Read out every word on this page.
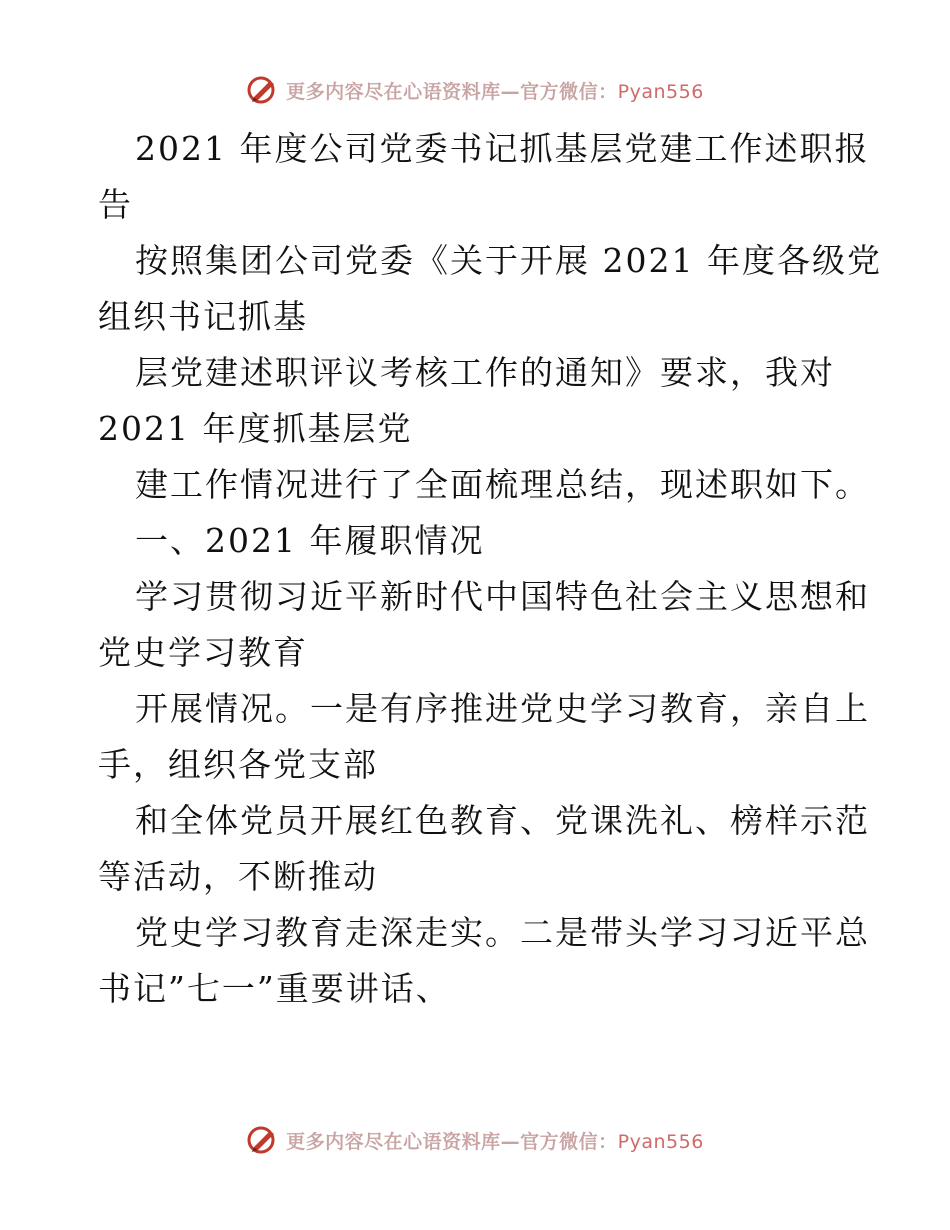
更多内容尽在心语资料库—官方微信：Pyan556
2021 年度公司党委书记抓基层党建工作述职报
告
按照集团公司党委《关于开展 2021 年度各级党
组织书记抓基
层党建述职评议考核工作的通知》要求，我对
2021 年度抓基层党
建工作情况进行了全面梳理总结，现述职如下。
一、2021 年履职情况
学习贯彻习近平新时代中国特色社会主义思想和
党史学习教育
开展情况。一是有序推进党史学习教育，亲自上
手，组织各党支部
和全体党员开展红色教育、党课洗礼、榜样示范
等活动，不断推动
党史学习教育走深走实。二是带头学习习近平总
书记”七一”重要讲话、
更多内容尽在心语资料库—官方微信：Pyan556
